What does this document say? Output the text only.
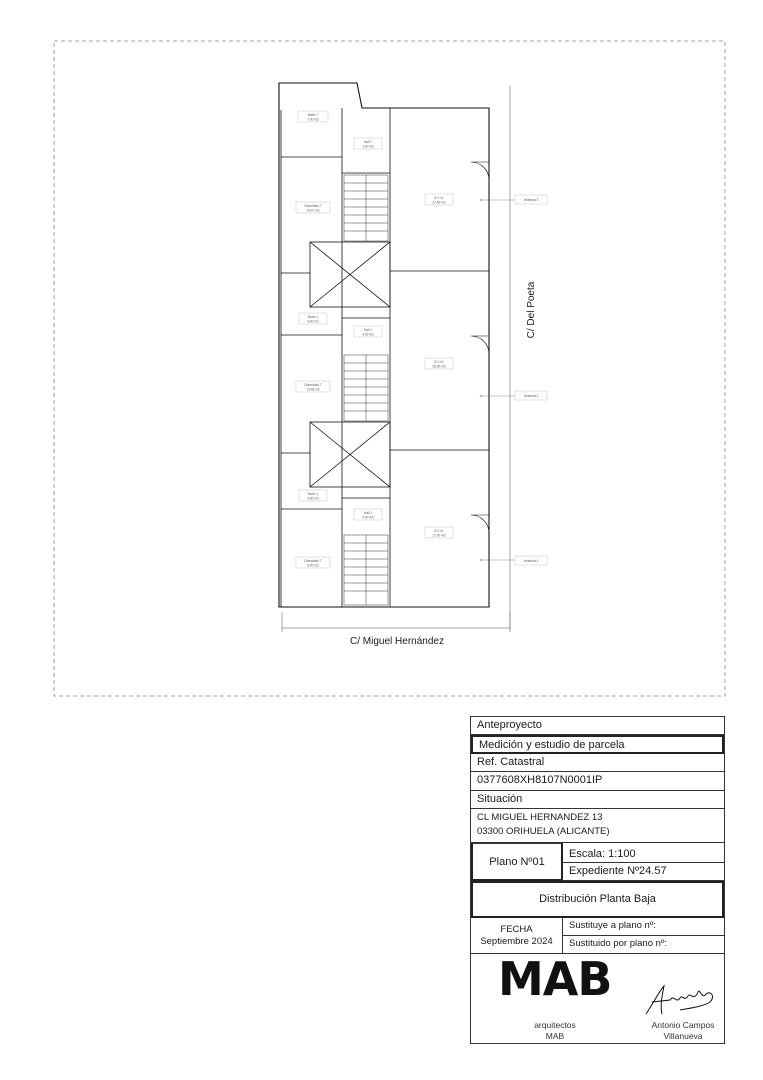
Baño 7
7,00 m2
Hall 7
3,00 m2
Dormitorio 7
13,47 m2
S.C.H.
27,00 m2
Vivienda 3
Baño 1
4,00 m2
Hall 1
4,00 m2
Dormitorio 7
13,46 m2
S.C.H.
26,00 m2
Vivienda 2
Baño 1
4,00 m2
Hall 1
4,00 m2
Dormitorio 7
8,00 m2
S.C.H.
17,00 m2
Vivienda 1
C/ Del Poeta
C/ Miguel Hernández
Anteproyecto
Medición y estudio de parcela
Ref. Catastral
0377608XH8107N0001IP
Situación
CL MIGUEL HERNANDEZ 13
03300 ORIHUELA (ALICANTE)
Plano Nº01
Escala: 1:100
Expediente Nº24.57
Distribución Planta Baja
FECHA
Septiembre 2024
Sustituye a plano nº:
Sustituido por plano nº:
MAB
arquitectos
MAB
Antonio Campos
Villanueva
